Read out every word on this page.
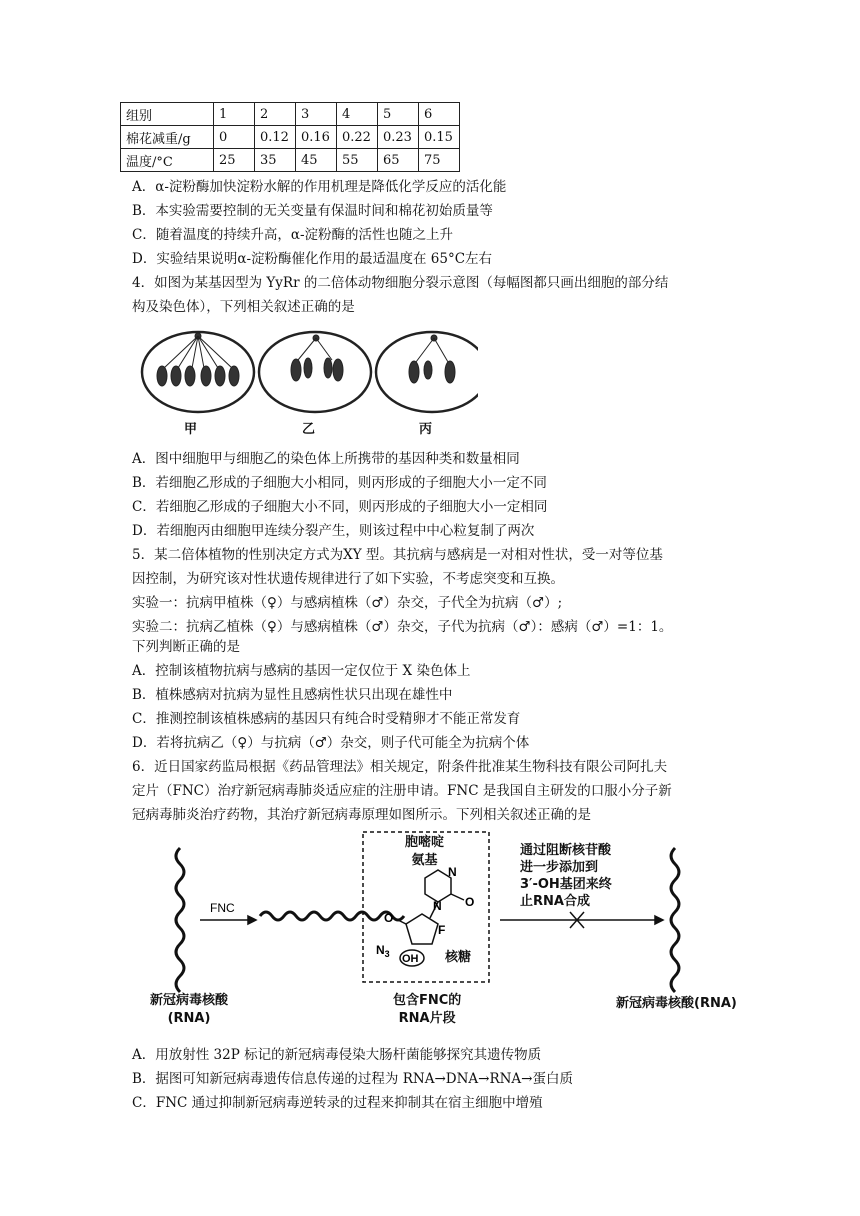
组别	1	2	3	4	5	6
棉花减重/g	0	0.12	0.16	0.22	0.23	0.15
温度/°C	25	35	45	55	65	75
A．α-淀粉酶加快淀粉水解的作用机理是降低化学反应的活化能
B．本实验需要控制的无关变量有保温时间和棉花初始质量等
C．随着温度的持续升高，α-淀粉酶的活性也随之上升
D．实验结果说明α-淀粉酶催化作用的最适温度在 65°C左右
4．如图为某基因型为 YyRr 的二倍体动物细胞分裂示意图（每幅图都只画出细胞的部分结
构及染色体），下列相关叙述正确的是
甲	乙	丙
A．图中细胞甲与细胞乙的染色体上所携带的基因种类和数量相同
B．若细胞乙形成的子细胞大小相同，则丙形成的子细胞大小一定不同
C．若细胞乙形成的子细胞大小不同，则丙形成的子细胞大小一定相同
D．若细胞丙由细胞甲连续分裂产生，则该过程中中心粒复制了两次
5．某二倍体植物的性别决定方式为XY 型。其抗病与感病是一对相对性状，受一对等位基
因控制，为研究该对性状遗传规律进行了如下实验，不考虑突变和互换。
实验一：抗病甲植株（♀）与感病植株（♂）杂交，子代全为抗病（♂）;
实验二：抗病乙植株（♀）与感病植株（♂）杂交，子代为抗病（♂）：感病（♂）=1：1。
下列判断正确的是
A．控制该植物抗病与感病的基因一定仅位于 X 染色体上
B．植株感病对抗病为显性且感病性状只出现在雄性中
C．推测控制该植株感病的基因只有纯合时受精卵才不能正常发育
D．若将抗病乙（♀）与抗病（♂）杂交，则子代可能全为抗病个体
6．近日国家药监局根据《药品管理法》相关规定，附条件批准某生物科技有限公司阿扎夫
定片（FNC）治疗新冠病毒肺炎适应症的注册申请。FNC 是我国自主研发的口服小分子新
冠病毒肺炎治疗药物，其治疗新冠病毒原理如图所示。下列相关叙述正确的是
N
N O
O
F
$N_3$ OH
FNC
胞嘧啶
氨基
核糖
通过阻断核苷酸
进一步添加到
3′-OH基团来终
止RNA合成
新冠病毒核酸
(RNA)
包含FNC的
RNA片段
新冠病毒核酸(RNA)
A．用放射性 32P 标记的新冠病毒侵染大肠杆菌能够探究其遗传物质
B．据图可知新冠病毒遗传信息传递的过程为 RNA→DNA→RNA→蛋白质
C．FNC 通过抑制新冠病毒逆转录的过程来抑制其在宿主细胞中增殖
